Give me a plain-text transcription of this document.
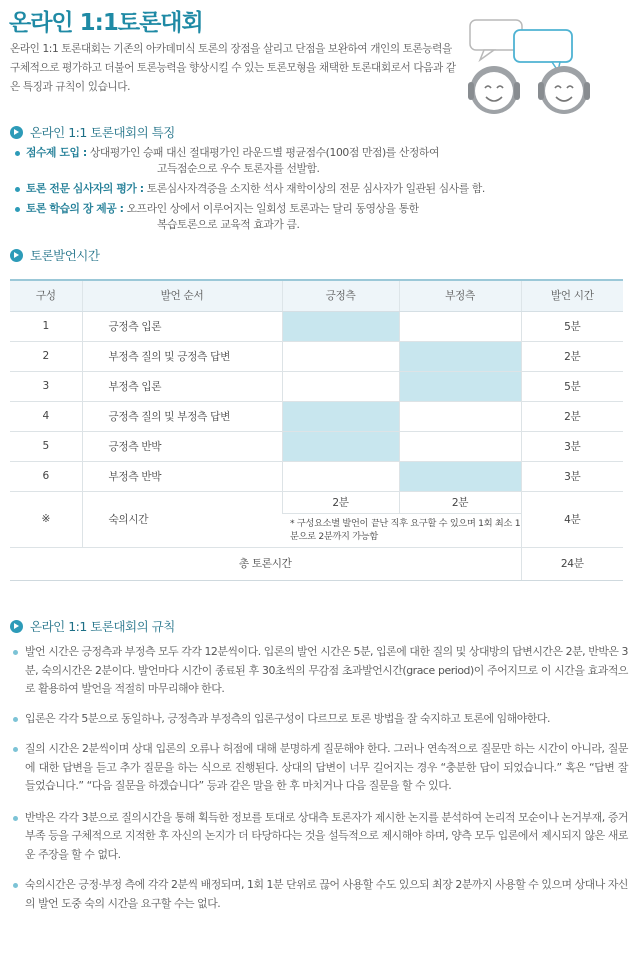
온라인 1:1토론대회

온라인 1:1 토론대회는 기존의 아카데미식 토론의 장점을 살리고 단점을 보완하여 개인의 토론능력을 구체적으로 평가하고 더불어 토론능력을 향상시킬 수 있는 토론모형을 채택한 토론대회로서 다음과 같은 특징과 규칙이 있습니다.

온라인 1:1 토론대회의 특징
점수제 도입 : 상대평가인 승패 대신 절대평가인 라운드별 평균점수(100점 만점)를 산정하여
고득점순으로 우수 토론자를 선발함.
토론 전문 심사자의 평가 : 토론심사자격증을 소지한 석사 재학이상의 전문 심사자가 일관된 심사를 함.
토론 학습의 장 제공 : 오프라인 상에서 이루어지는 일회성 토론과는 달리 동영상을 통한
복습토론으로 교육적 효과가 큼.
토론발언시간
구성	발언 순서	긍정측	부정측	발언 시간
1	긍정측 입론			5분
2	부정측 질의 및 긍정측 답변			2분
3	부정측 입론			5분
4	긍정측 질의 및 부정측 답변			2분
5	긍정측 반박			3분
6	부정측 반박			3분
※	숙의시간	2분	2분	4분
		* 구성요소별 발언이 끝난 직후 요구할 수 있으며 1회 최소 1분으로 2분까지 가능함		
총 토론시간				24분
온라인 1:1 토론대회의 규칙
발언 시간은 긍정측과 부정측 모두 각각 12분씩이다. 입론의 발언 시간은 5분, 입론에 대한 질의 및 상대방의 답변시간은 2분, 반박은 3분, 숙의시간은 2분이다. 발언마다 시간이 종료된 후 30초씩의 무감점 초과발언시간(grace period)이 주어지므로 이 시간을 효과적으로 활용하여 발언을 적절히 마무리해야 한다.
입론은 각각 5분으로 동일하나, 긍정측과 부정측의 입론구성이 다르므로 토론 방법을 잘 숙지하고 토론에 임해야한다.
질의 시간은 2분씩이며 상대 입론의 오류나 허점에 대해 분명하게 질문해야 한다. 그러나 연속적으로 질문만 하는 시간이 아니라, 질문에 대한 답변을 듣고 추가 질문을 하는 식으로 진행된다. 상대의 답변이 너무 길어지는 경우 “충분한 답이 되었습니다.” 혹은 “답변 잘 들었습니다.” “다음 질문을 하겠습니다” 등과 같은 말을 한 후 마치거나 다음 질문을 할 수 있다.
반박은 각각 3분으로 질의시간을 통해 획득한 정보를 토대로 상대측 토론자가 제시한 논지를 분석하여 논리적 모순이나 논거부재, 증거부족 등을 구체적으로 지적한 후 자신의 논지가 더 타당하다는 것을 설득적으로 제시해야 하며, 양측 모두 입론에서 제시되지 않은 새로운 주장을 할 수 없다.
숙의시간은 긍정·부정 측에 각각 2분씩 배정되며, 1회 1분 단위로 끊어 사용할 수도 있으되 최장 2분까지 사용할 수 있으며 상대나 자신의 발언 도중 숙의 시간을 요구할 수는 없다.
